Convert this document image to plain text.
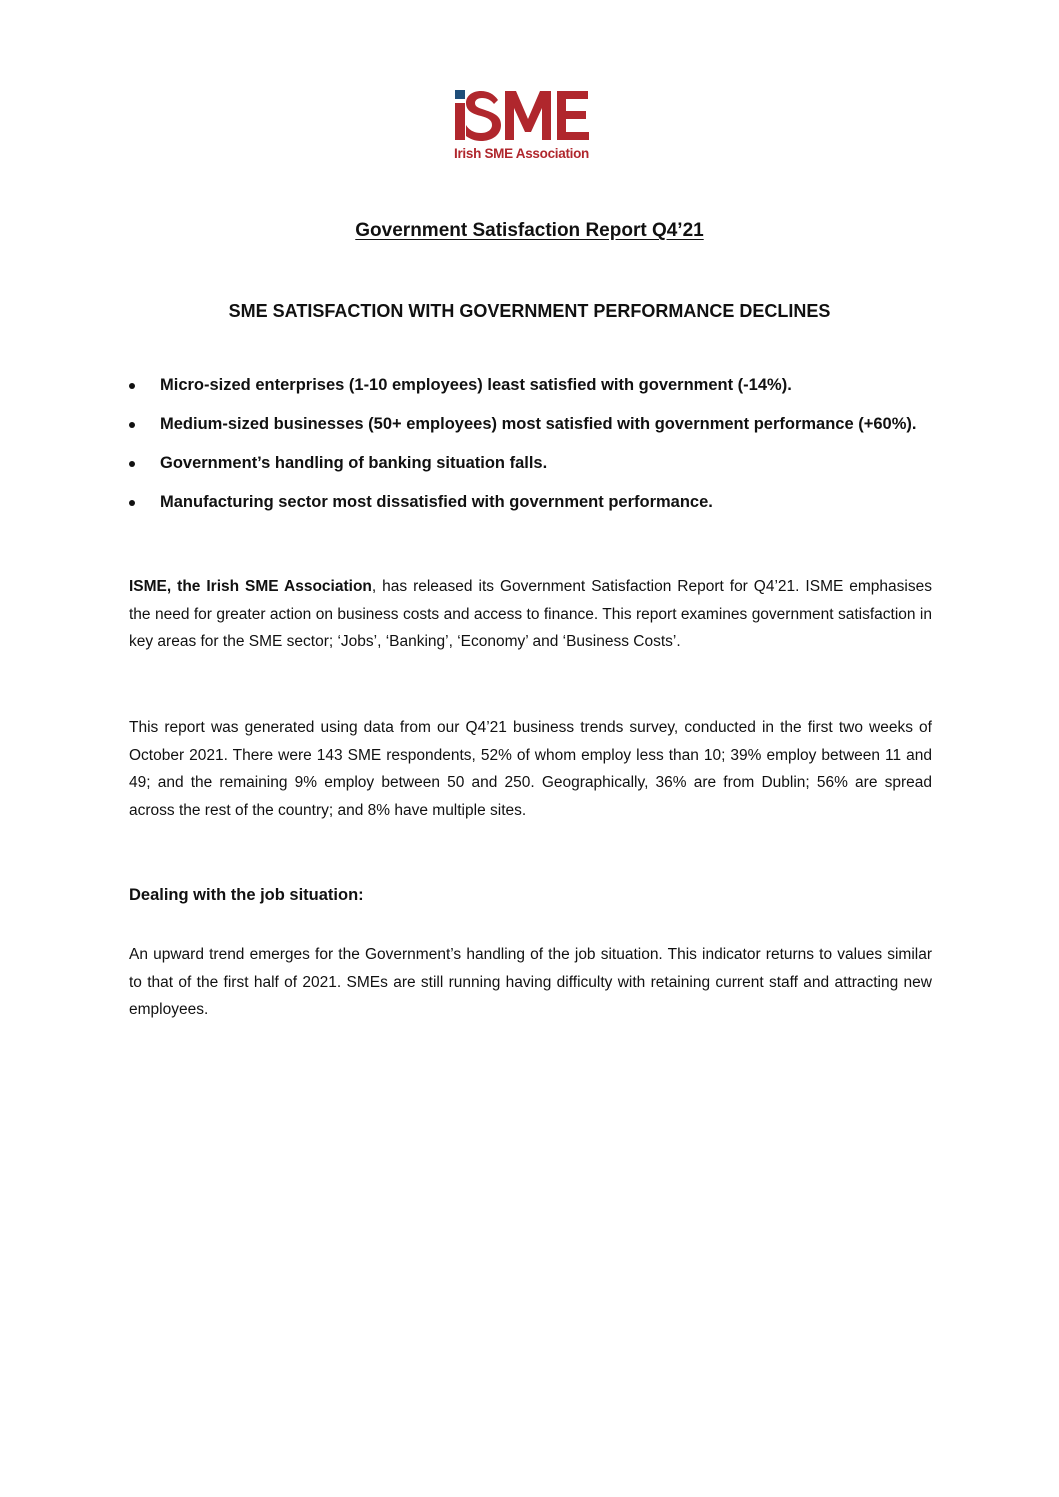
Irish SME Association
Government Satisfaction Report Q4’21
SME SATISFACTION WITH GOVERNMENT PERFORMANCE DECLINES
Micro-sized enterprises (1-10 employees) least satisfied with government (-14%).
Medium-sized businesses (50+ employees) most satisfied with government performance (+60%).
Government’s handling of banking situation falls.
Manufacturing sector most dissatisfied with government performance.

ISME, the Irish SME Association, has released its Government Satisfaction Report for Q4’21. ISME emphasises the need for greater action on business costs and access to finance. This report examines government satisfaction in key areas for the SME sector; ‘Jobs’, ‘Banking’, ‘Economy’ and ‘Business Costs’.

This report was generated using data from our Q4’21 business trends survey, conducted in the first two weeks of October 2021. There were 143 SME respondents, 52% of whom employ less than 10; 39% employ between 11 and 49; and the remaining 9% employ between 50 and 250. Geographically, 36% are from Dublin; 56% are spread across the rest of the country; and 8% have multiple sites.

Dealing with the job situation:

An upward trend emerges for the Government’s handling of the job situation. This indicator returns to values similar to that of the first half of 2021. SMEs are still running having difficulty with retaining current staff and attracting new employees.
